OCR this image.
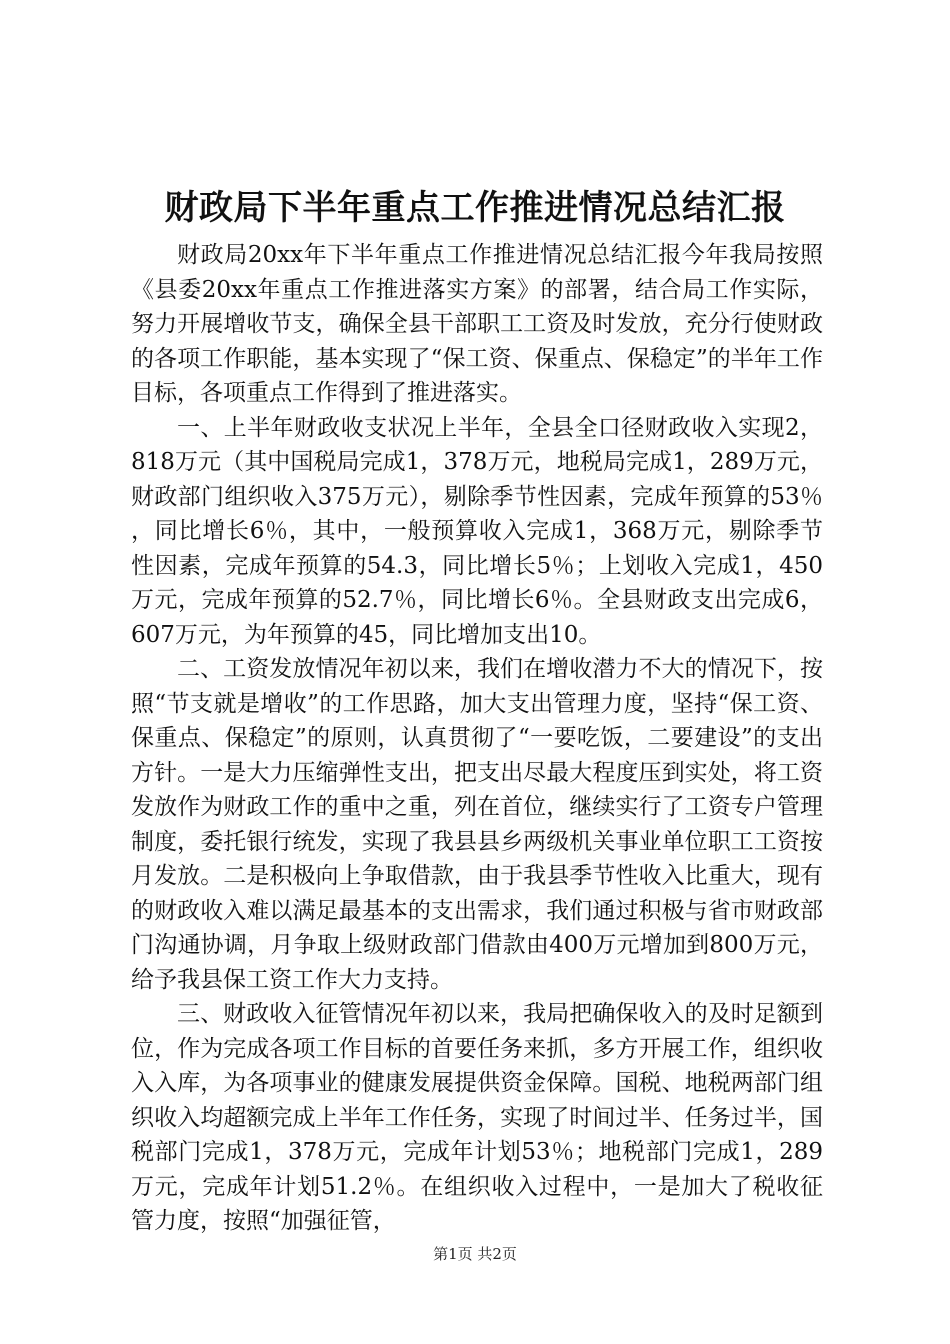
财政局下半年重点工作推进情况总结汇报

财政局20xx年下半年重点工作推进情况总结汇报今年我局按照《县委20xx年重点工作推进落实方案》的部署，结合局工作实际，努力开展增收节支，确保全县干部职工工资及时发放，充分行使财政的各项工作职能，基本实现了“保工资、保重点、保稳定”的半年工作目标，各项重点工作得到了推进落实。

一、上半年财政收支状况上半年，全县全口径财政收入实现2，818万元（其中国税局完成1，378万元，地税局完成1，289万元，财政部门组织收入375万元），剔除季节性因素，完成年预算的53％，同比增长6％，其中，一般预算收入完成1，368万元，剔除季节性因素，完成年预算的54.3，同比增长5％；上划收入完成1，450万元，完成年预算的52.7％，同比增长6％。全县财政支出完成6，607万元，为年预算的45，同比增加支出10。

二、工资发放情况年初以来，我们在增收潜力不大的情况下，按照“节支就是增收”的工作思路，加大支出管理力度，坚持“保工资、保重点、保稳定”的原则，认真贯彻了“一要吃饭，二要建设”的支出方针。一是大力压缩弹性支出，把支出尽最大程度压到实处，将工资发放作为财政工作的重中之重，列在首位，继续实行了工资专户管理制度，委托银行统发，实现了我县县乡两级机关事业单位职工工资按月发放。二是积极向上争取借款，由于我县季节性收入比重大，现有的财政收入难以满足最基本的支出需求，我们通过积极与省市财政部门沟通协调，月争取上级财政部门借款由400万元增加到800万元，给予我县保工资工作大力支持。

三、财政收入征管情况年初以来，我局把确保收入的及时足额到位，作为完成各项工作目标的首要任务来抓，多方开展工作，组织收入入库，为各项事业的健康发展提供资金保障。国税、地税两部门组织收入均超额完成上半年工作任务，实现了时间过半、任务过半，国税部门完成1，378万元，完成年计划53％；地税部门完成1，289万元，完成年计划51.2％。在组织收入过程中，一是加大了税收征管力度，按照“加强征管，

第1页 共2页
